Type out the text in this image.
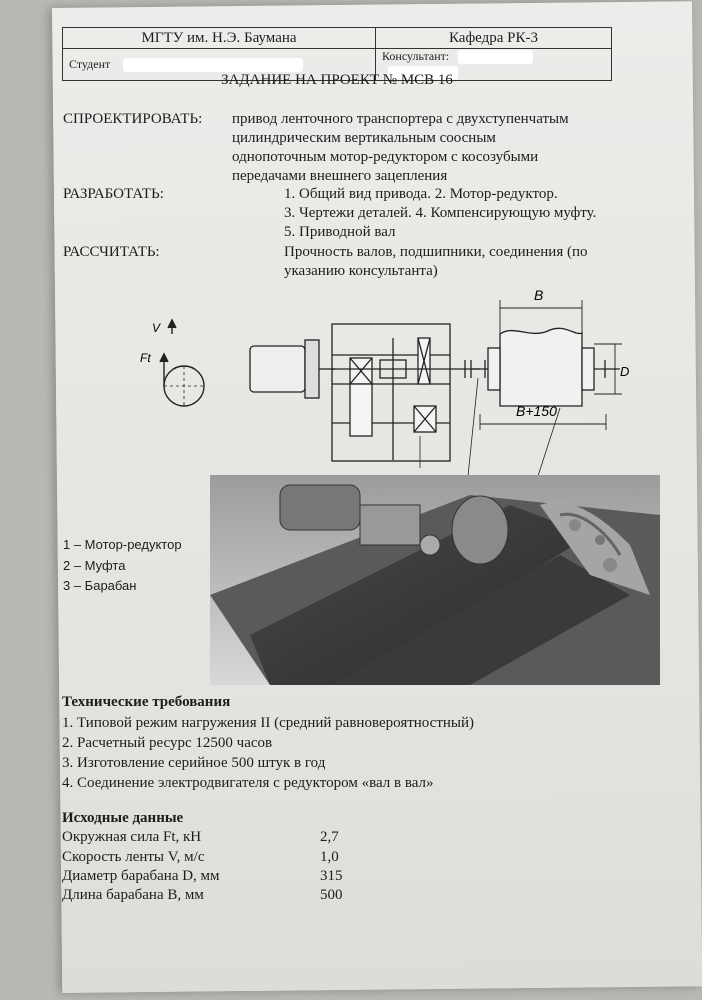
МГТУ им. Н.Э. Баумана	Кафедра РК-3
Студент	Консультант:
ЗАДАНИЕ НА ПРОЕКТ № МСВ 16
СПРОЕКТИРОВАТЬ: привод ленточного транспортера с двухступенчатым
цилиндрическим вертикальным соосным
однопоточным мотор-редуктором с косозубыми
передачами внешнего зацепления
РАЗРАБОТАТЬ:	1. Общий вид привода. 2. Мотор-редуктор.
3. Чертежи деталей. 4. Компенсирующую муфту.
5. Приводной вал
РАССЧИТАТЬ:	Прочность валов, подшипники, соединения (по
указанию консультанта)
V
Ft
B
B+150
D
1 – Мотор-редуктор
2 – Муфта
3 – Барабан
Технические требования
1. Типовой режим нагружения II (средний равновероятностный)
2. Расчетный ресурс 12500 часов
3. Изготовление серийное 500 штук в год
4. Соединение электродвигателя с редуктором «вал в вал»
Исходные данные
Окружная сила Ft, кН	2,7
Скорость ленты V, м/с	1,0
Диаметр барабана D, мм	315
Длина барабана B, мм	500
